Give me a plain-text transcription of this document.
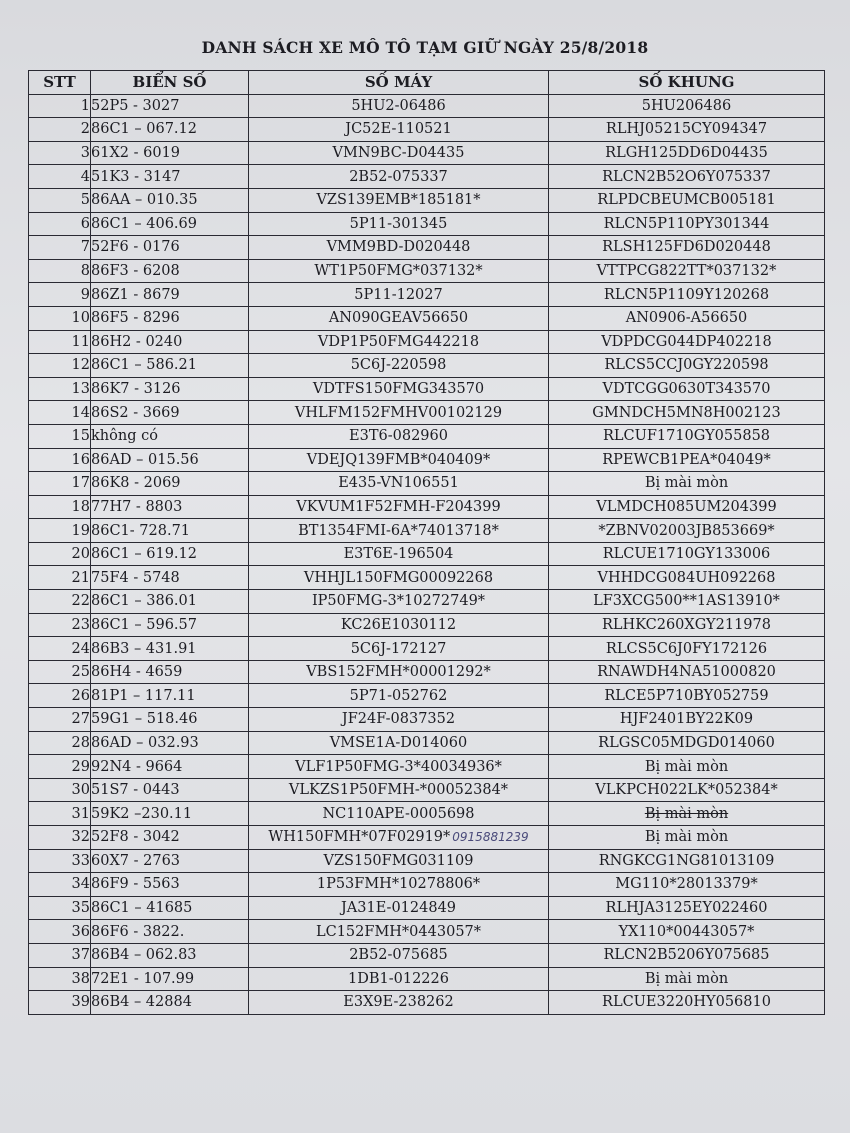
DANH SÁCH XE MÔ TÔ TẠM GIỮ NGÀY 25/8/2018
STT	BIỂN SỐ	SỐ MÁY	SỐ KHUNG
1	52P5 - 3027	5HU2-06486	5HU206486
2	86C1 – 067.12	JC52E-110521	RLHJ05215CY094347
3	61X2 - 6019	VMN9BC-D04435	RLGH125DD6D04435
4	51K3 - 3147	2B52-075337	RLCN2B52O6Y075337
5	86AA – 010.35	VZS139EMB*185181*	RLPDCBEUMCB005181
6	86C1 – 406.69	5P11-301345	RLCN5P110PY301344
7	52F6 - 0176	VMM9BD-D020448	RLSH125FD6D020448
8	86F3 - 6208	WT1P50FMG*037132*	VTTPCG822TT*037132*
9	86Z1 - 8679	5P11-12027	RLCN5P1109Y120268
10	86F5 - 8296	AN090GEAV56650	AN0906-A56650
11	86H2 - 0240	VDP1P50FMG442218	VDPDCG044DP402218
12	86C1 – 586.21	5C6J-220598	RLCS5CCJ0GY220598
13	86K7 - 3126	VDTFS150FMG343570	VDTCGG0630T343570
14	86S2 - 3669	VHLFM152FMHV00102129	GMNDCH5MN8H002123
15	không có	E3T6-082960	RLCUF1710GY055858
16	86AD – 015.56	VDEJQ139FMB*040409*	RPEWCB1PEA*04049*
17	86K8 - 2069	E435-VN106551	Bị mài mòn
18	77H7 - 8803	VKVUM1F52FMH-F204399	VLMDCH085UM204399
19	86C1- 728.71	BT1354FMI-6A*74013718*	*ZBNV02003JB853669*
20	86C1 – 619.12	E3T6E-196504	RLCUE1710GY133006
21	75F4 - 5748	VHHJL150FMG00092268	VHHDCG084UH092268
22	86C1 – 386.01	IP50FMG-3*10272749*	LF3XCG500**1AS13910*
23	86C1 – 596.57	KC26E1030112	RLHKC260XGY211978
24	86B3 – 431.91	5C6J-172127	RLCS5C6J0FY172126
25	86H4 - 4659	VBS152FMH*00001292*	RNAWDH4NA51000820
26	81P1 – 117.11	5P71-052762	RLCE5P710BY052759
27	59G1 – 518.46	JF24F-0837352	HJF2401BY22K09
28	86AD – 032.93	VMSE1A-D014060	RLGSC05MDGD014060
29	92N4 - 9664	VLF1P50FMG-3*40034936*	Bị mài mòn
30	51S7 - 0443	VLKZS1P50FMH-*00052384*	VLKPCH022LK*052384*
31	59K2 –230.11	NC110APE-0005698	Bị mài mòn
32	52F8 - 3042	WH150FMH*07F02919* 0915881239	Bị mài mòn
33	60X7 - 2763	VZS150FMG031109	RNGKCG1NG81013109
34	86F9 - 5563	1P53FMH*10278806*	MG110*28013379*
35	86C1 – 41685	JA31E-0124849	RLHJA3125EY022460
36	86F6 - 3822.	LC152FMH*0443057*	YX110*00443057*
37	86B4 – 062.83	2B52-075685	RLCN2B5206Y075685
38	72E1 - 107.99	1DB1-012226	Bị mài mòn
39	86B4 – 42884	E3X9E-238262	RLCUE3220HY056810
